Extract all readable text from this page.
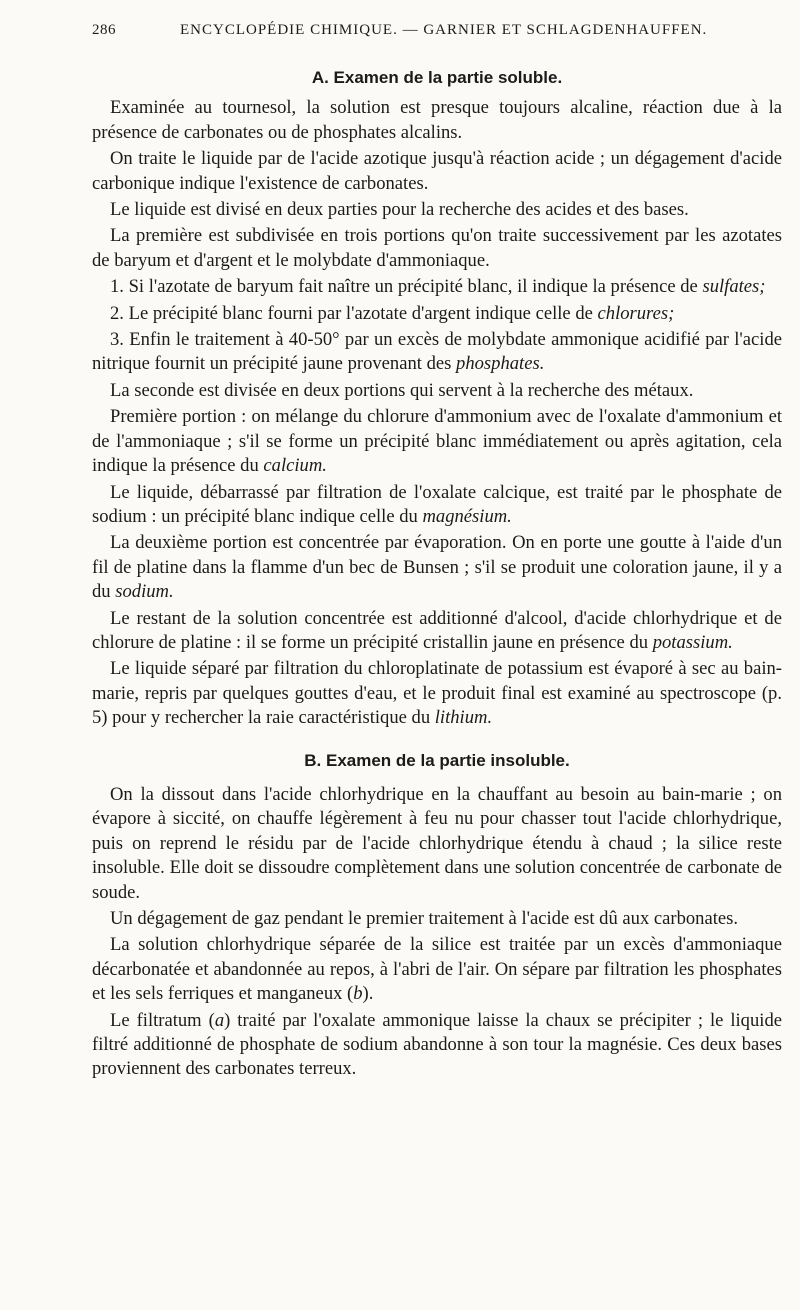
286	ENCYCLOPÉDIE CHIMIQUE. — GARNIER ET SCHLAGDENHAUFFEN.
A. Examen de la partie soluble.

Examinée au tournesol, la solution est presque toujours alcaline, réaction due à la présence de carbonates ou de phosphates alcalins.

On traite le liquide par de l'acide azotique jusqu'à réaction acide ; un dégagement d'acide carbonique indique l'existence de carbonates.

Le liquide est divisé en deux parties pour la recherche des acides et des bases.

La première est subdivisée en trois portions qu'on traite successivement par les azotates de baryum et d'argent et le molybdate d'ammoniaque.

1. Si l'azotate de baryum fait naître un précipité blanc, il indique la présence de sulfates;

2. Le précipité blanc fourni par l'azotate d'argent indique celle de chlorures;

3. Enfin le traitement à 40-50° par un excès de molybdate ammonique acidifié par l'acide nitrique fournit un précipité jaune provenant des phosphates.

La seconde est divisée en deux portions qui servent à la recherche des métaux.

Première portion : on mélange du chlorure d'ammonium avec de l'oxalate d'ammonium et de l'ammoniaque ; s'il se forme un précipité blanc immédiatement ou après agitation, cela indique la présence du calcium.

Le liquide, débarrassé par filtration de l'oxalate calcique, est traité par le phosphate de sodium : un précipité blanc indique celle du magnésium.

La deuxième portion est concentrée par évaporation. On en porte une goutte à l'aide d'un fil de platine dans la flamme d'un bec de Bunsen ; s'il se produit une coloration jaune, il y a du sodium.

Le restant de la solution concentrée est additionné d'alcool, d'acide chlorhydrique et de chlorure de platine : il se forme un précipité cristallin jaune en présence du potassium.

Le liquide séparé par filtration du chloroplatinate de potassium est évaporé à sec au bain-marie, repris par quelques gouttes d'eau, et le produit final est examiné au spectroscope (p. 5) pour y rechercher la raie caractéristique du lithium.

B. Examen de la partie insoluble.

On la dissout dans l'acide chlorhydrique en la chauffant au besoin au bain-marie ; on évapore à siccité, on chauffe légèrement à feu nu pour chasser tout l'acide chlorhydrique, puis on reprend le résidu par de l'acide chlorhydrique étendu à chaud ; la silice reste insoluble. Elle doit se dissoudre complètement dans une solution concentrée de carbonate de soude.

Un dégagement de gaz pendant le premier traitement à l'acide est dû aux carbonates.

La solution chlorhydrique séparée de la silice est traitée par un excès d'ammoniaque décarbonatée et abandonnée au repos, à l'abri de l'air. On sépare par filtration les phosphates et les sels ferriques et manganeux (b).

Le filtratum (a) traité par l'oxalate ammonique laisse la chaux se précipiter ; le liquide filtré additionné de phosphate de sodium abandonne à son tour la magnésie. Ces deux bases proviennent des carbonates terreux.
